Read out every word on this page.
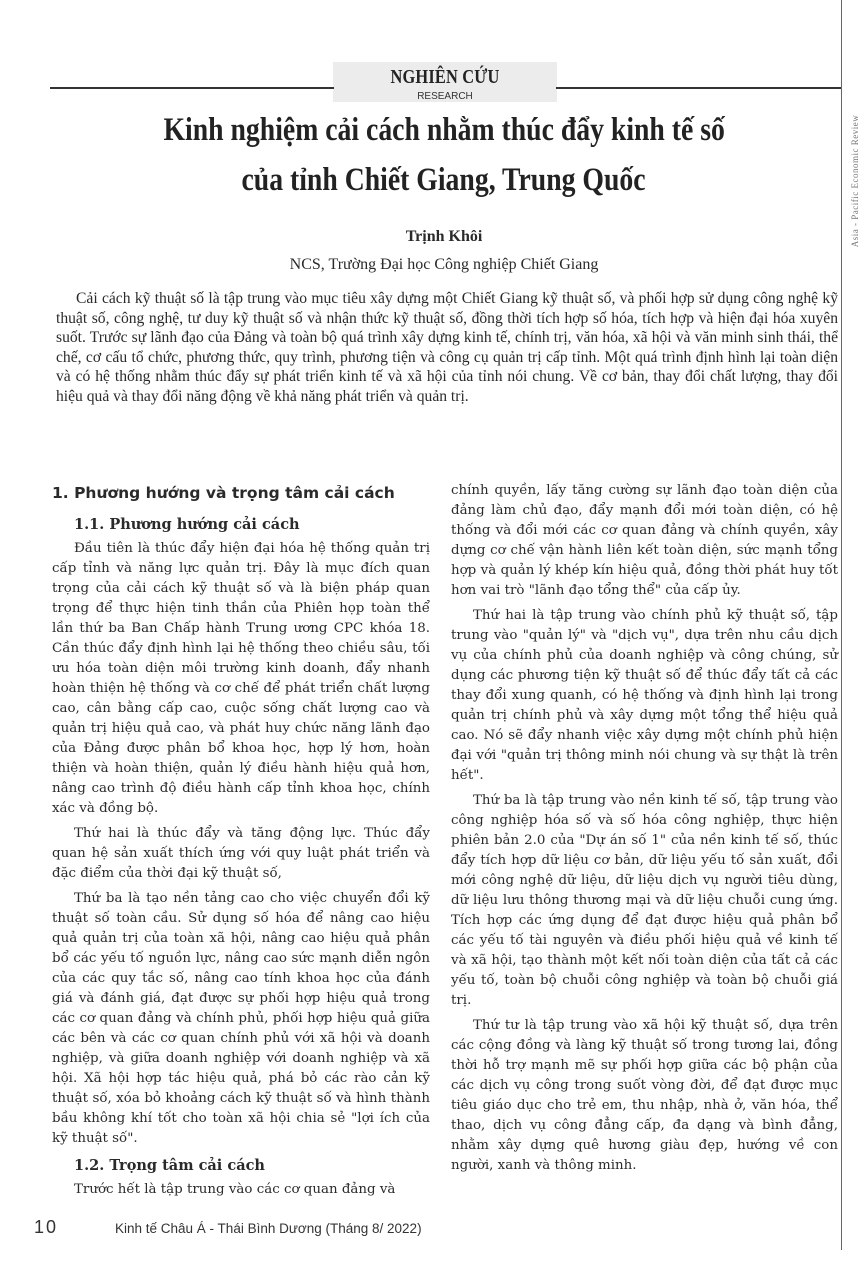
NGHIÊN CỨU
RESEARCH
Asia - Pacific Economic Review
Kinh nghiệm cải cách nhằm thúc đẩy kinh tế số
của tỉnh Chiết Giang, Trung Quốc
Trịnh Khôi
NCS, Trường Đại học Công nghiệp Chiết Giang

Cải cách kỹ thuật số là tập trung vào mục tiêu xây dựng một Chiết Giang kỹ thuật số, và phối hợp sử dụng công nghệ kỹ thuật số, công nghệ, tư duy kỹ thuật số và nhận thức kỹ thuật số, đồng thời tích hợp số hóa, tích hợp và hiện đại hóa xuyên suốt. Trước sự lãnh đạo của Đảng và toàn bộ quá trình xây dựng kinh tế, chính trị, văn hóa, xã hội và văn minh sinh thái, thể chế, cơ cấu tổ chức, phương thức, quy trình, phương tiện và công cụ quản trị cấp tỉnh. Một quá trình định hình lại toàn diện và có hệ thống nhằm thúc đẩy sự phát triển kinh tế và xã hội của tỉnh nói chung. Về cơ bản, thay đổi chất lượng, thay đổi hiệu quả và thay đổi năng động về khả năng phát triển và quản trị.

1. Phương hướng và trọng tâm cải cách
1.1. Phương hướng cải cách

Đầu tiên là thúc đẩy hiện đại hóa hệ thống quản trị cấp tỉnh và năng lực quản trị. Đây là mục đích quan trọng của cải cách kỹ thuật số và là biện pháp quan trọng để thực hiện tinh thần của Phiên họp toàn thể lần thứ ba Ban Chấp hành Trung ương CPC khóa 18. Cần thúc đẩy định hình lại hệ thống theo chiều sâu, tối ưu hóa toàn diện môi trường kinh doanh, đẩy nhanh hoàn thiện hệ thống và cơ chế để phát triển chất lượng cao, cân bằng cấp cao, cuộc sống chất lượng cao và quản trị hiệu quả cao, và phát huy chức năng lãnh đạo của Đảng được phân bổ khoa học, hợp lý hơn, hoàn thiện và hoàn thiện, quản lý điều hành hiệu quả hơn, nâng cao trình độ điều hành cấp tỉnh khoa học, chính xác và đồng bộ.

Thứ hai là thúc đẩy và tăng động lực. Thúc đẩy quan hệ sản xuất thích ứng với quy luật phát triển và đặc điểm của thời đại kỹ thuật số,

Thứ ba là tạo nền tảng cao cho việc chuyển đổi kỹ thuật số toàn cầu. Sử dụng số hóa để nâng cao hiệu quả quản trị của toàn xã hội, nâng cao hiệu quả phân bổ các yếu tố nguồn lực, nâng cao sức mạnh diễn ngôn của các quy tắc số, nâng cao tính khoa học của đánh giá và đánh giá, đạt được sự phối hợp hiệu quả trong các cơ quan đảng và chính phủ, phối hợp hiệu quả giữa các bên và các cơ quan chính phủ với xã hội và doanh nghiệp, và giữa doanh nghiệp với doanh nghiệp và xã hội. Xã hội hợp tác hiệu quả, phá bỏ các rào cản kỹ thuật số, xóa bỏ khoảng cách kỹ thuật số và hình thành bầu không khí tốt cho toàn xã hội chia sẻ "lợi ích của kỹ thuật số".

1.2. Trọng tâm cải cách

Trước hết là tập trung vào các cơ quan đảng và

chính quyền, lấy tăng cường sự lãnh đạo toàn diện của đảng làm chủ đạo, đẩy mạnh đổi mới toàn diện, có hệ thống và đổi mới các cơ quan đảng và chính quyền, xây dựng cơ chế vận hành liên kết toàn diện, sức mạnh tổng hợp và quản lý khép kín hiệu quả, đồng thời phát huy tốt hơn vai trò "lãnh đạo tổng thể" của cấp ủy.

Thứ hai là tập trung vào chính phủ kỹ thuật số, tập trung vào "quản lý" và "dịch vụ", dựa trên nhu cầu dịch vụ của chính phủ của doanh nghiệp và công chúng, sử dụng các phương tiện kỹ thuật số để thúc đẩy tất cả các thay đổi xung quanh, có hệ thống và định hình lại trong quản trị chính phủ và xây dựng một tổng thể hiệu quả cao. Nó sẽ đẩy nhanh việc xây dựng một chính phủ hiện đại với "quản trị thông minh nói chung và sự thật là trên hết".

Thứ ba là tập trung vào nền kinh tế số, tập trung vào công nghiệp hóa số và số hóa công nghiệp, thực hiện phiên bản 2.0 của "Dự án số 1" của nền kinh tế số, thúc đẩy tích hợp dữ liệu cơ bản, dữ liệu yếu tố sản xuất, đổi mới công nghệ dữ liệu, dữ liệu dịch vụ người tiêu dùng, dữ liệu lưu thông thương mại và dữ liệu chuỗi cung ứng. Tích hợp các ứng dụng để đạt được hiệu quả phân bổ các yếu tố tài nguyên và điều phối hiệu quả về kinh tế và xã hội, tạo thành một kết nối toàn diện của tất cả các yếu tố, toàn bộ chuỗi công nghiệp và toàn bộ chuỗi giá trị.

Thứ tư là tập trung vào xã hội kỹ thuật số, dựa trên các cộng đồng và làng kỹ thuật số trong tương lai, đồng thời hỗ trợ mạnh mẽ sự phối hợp giữa các bộ phận của các dịch vụ công trong suốt vòng đời, để đạt được mục tiêu giáo dục cho trẻ em, thu nhập, nhà ở, văn hóa, thể thao, dịch vụ công đẳng cấp, đa dạng và bình đẳng, nhằm xây dựng quê hương giàu đẹp, hướng về con người, xanh và thông minh.

10	Kinh tế Châu Á - Thái Bình Dương (Tháng 8/ 2022)
